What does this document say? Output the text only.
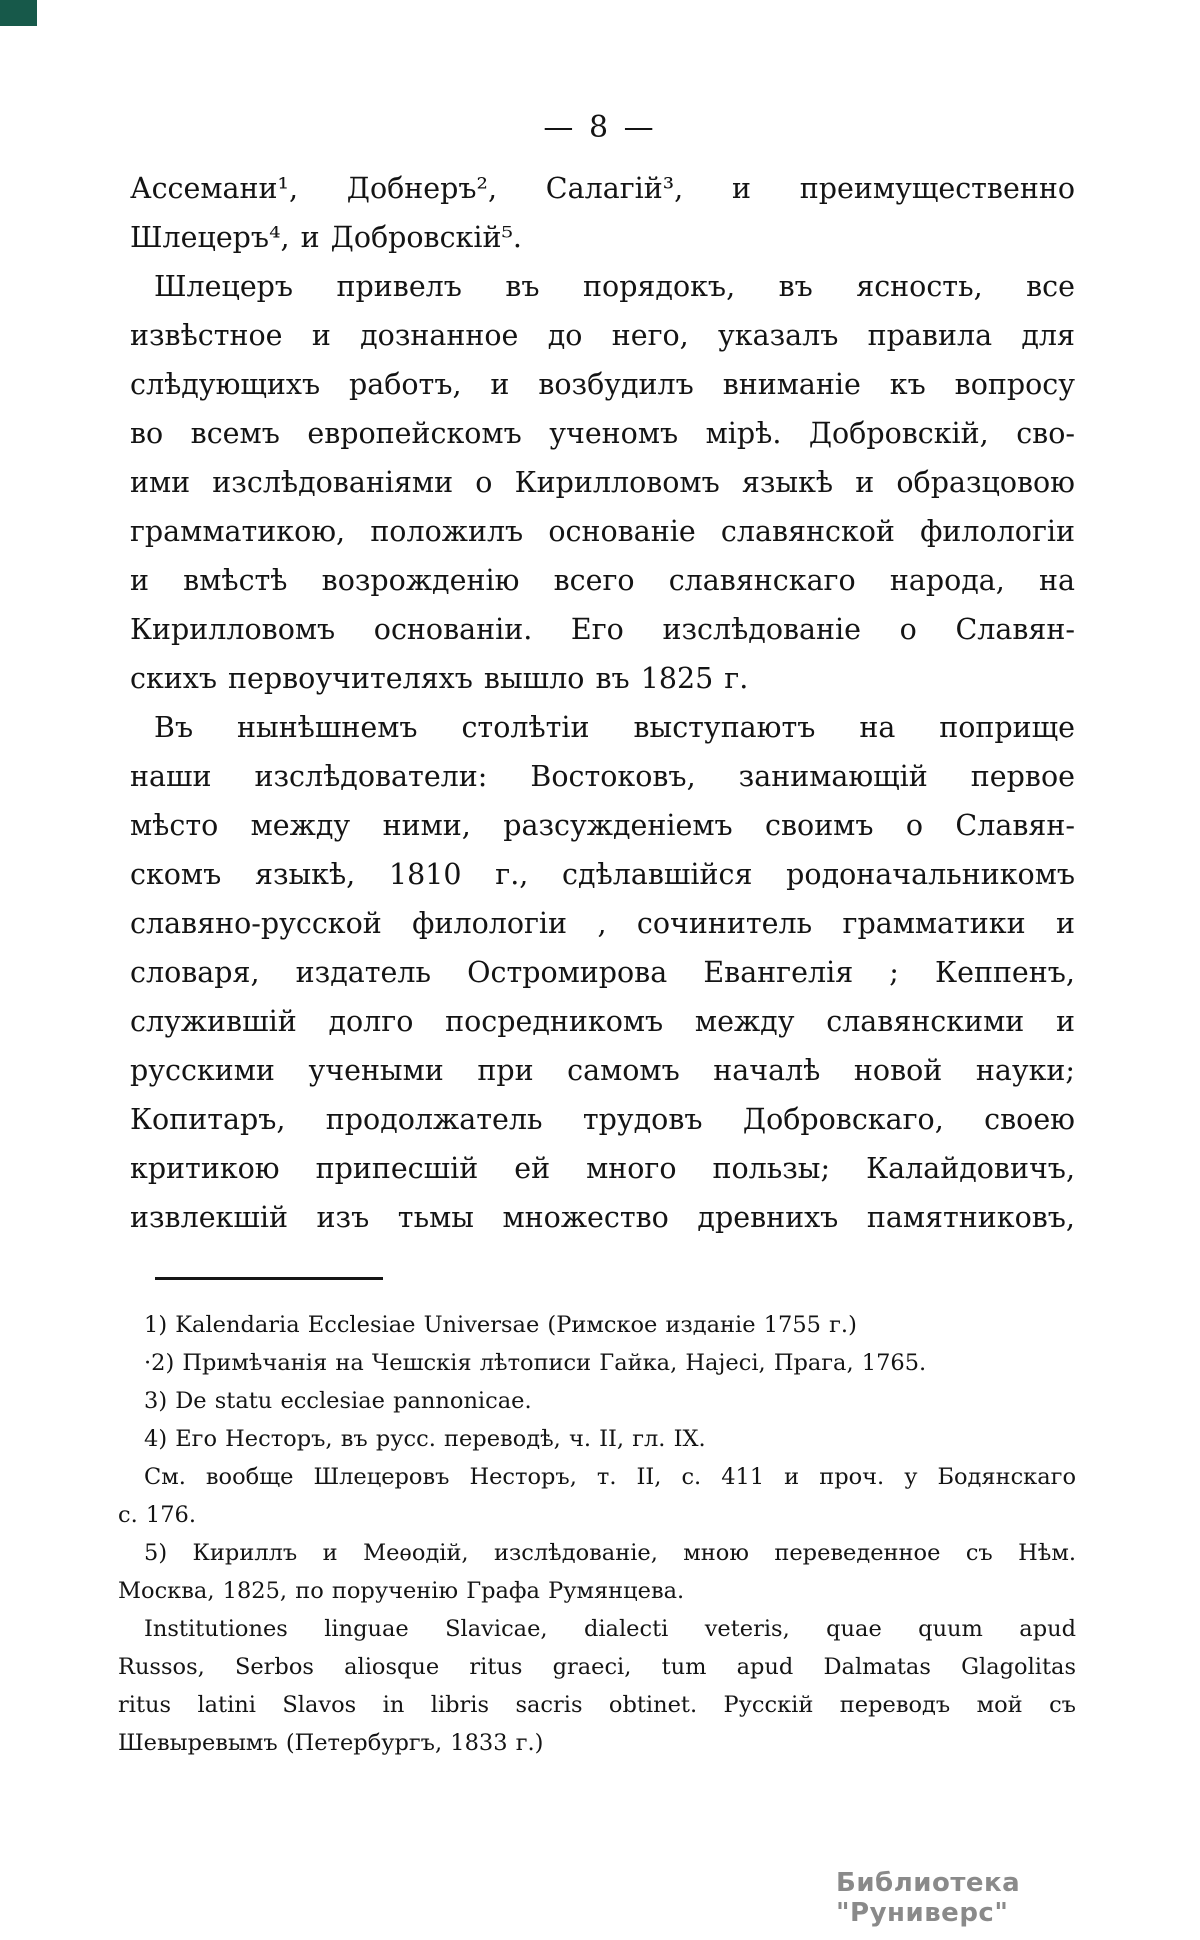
— 8 —
Ассемани¹, Добнеръ², Салагій³, и преимущественно
Шлецеръ⁴, и Добровскій⁵.
Шлецеръ привелъ въ порядокъ, въ ясность, все
извѣстное и дознанное до него, указалъ правила для
слѣдующихъ работъ, и возбудилъ вниманіе къ вопросу
во всемъ европейскомъ ученомъ мірѣ. Добровскій, сво-
ими изслѣдованіями о Кирилловомъ языкѣ и образцовою
грамматикою, положилъ основаніе славянской филологіи
и вмѣстѣ возрожденію всего славянскаго народа, на
Кирилловомъ основаніи. Его изслѣдованіе о Славян-
скихъ первоучителяхъ вышло въ 1825 г.
Въ нынѣшнемъ столѣтіи выступаютъ на поприще
наши изслѣдователи: Востоковъ, занимающій первое
мѣсто между ними, разсужденіемъ своимъ о Славян-
скомъ языкѣ, 1810 г., сдѣлавшійся родоначальникомъ
славяно-русской филологіи , сочинитель грамматики и
словаря, издатель Остромирова Евангелія ; Кеппенъ,
служившій долго посредникомъ между славянскими и
русскими учеными при самомъ началѣ новой науки;
Копитаръ, продолжатель трудовъ Добровскаго, своею
критикою припесшій ей много пользы; Калайдовичъ,
извлекшій изъ тьмы множество древнихъ памятниковъ,
1) Kalendaria Ecclesiae Universae (Римское изданіе 1755 г.)
·2) Примѣчанія на Чешскія лѣтописи Гайка, Hajeci, Прага, 1765.
3) De statu ecclesiae pannonicae.
4) Его Несторъ, въ русс. переводѣ, ч. II, гл. IX.
См. вообще Шлецеровъ Несторъ, т. II, с. 411 и проч. у Бодянскаго
с. 176.
5) Кириллъ и Меѳодій, изслѣдованіе, мною переведенное съ Нѣм.
Москва, 1825, по порученію Графа Румянцева.
Institutiones linguae Slavicae, dialecti veteris, quae quum apud
Russos, Serbos aliosque ritus graeci, tum apud Dalmatas Glagolitas
ritus latini Slavos in libris sacris obtinet. Русскій переводъ мой съ
Шевыревымъ (Петербургъ, 1833 г.)
Библиотека "Руниверс"
